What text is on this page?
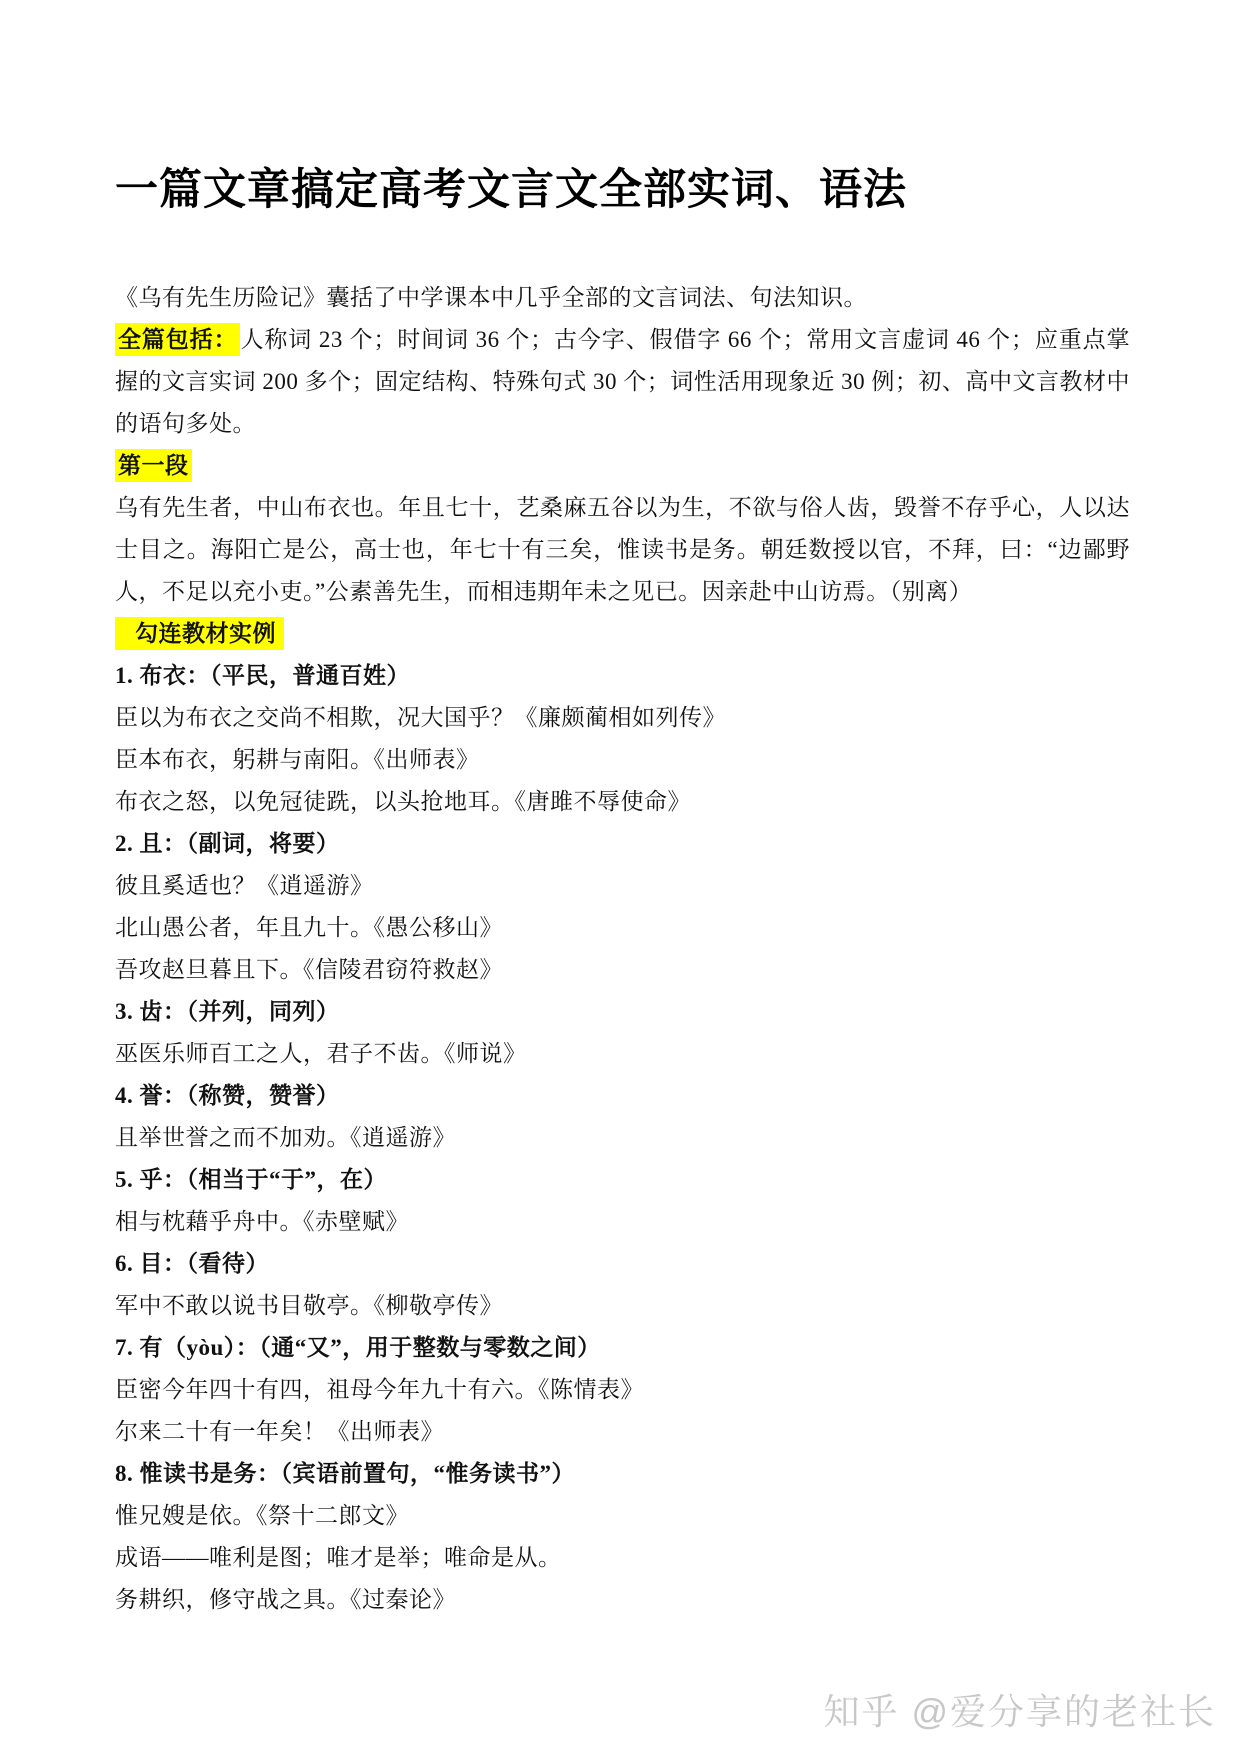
一篇文章搞定高考文言文全部实词、语法

《乌有先生历险记》囊括了中学课本中几乎全部的文言词法、句法知识。

全篇包括： 人称词 23 个；时间词 36 个；古今字、假借字 66 个；常用文言虚词 46 个；应重点掌握的文言实词 200 多个；固定结构、特殊句式 30 个；词性活用现象近 30 例；初、高中文言教材中的语句多处。

第一段

乌有先生者，中山布衣也。年且七十，艺桑麻五谷以为生，不欲与俗人齿，毁誉不存乎心，人以达士目之。海阳亡是公，高士也，年七十有三矣，惟读书是务。朝廷数授以官，不拜，曰：“边鄙野人，不足以充小吏。”公素善先生，而相违期年未之见已。因亲赴中山访焉。（别离）

勾连教材实例

1. 布衣：（平民，普通百姓）

臣以为布衣之交尚不相欺，况大国乎？《廉颇蔺相如列传》

臣本布衣，躬耕与南阳。《出师表》

布衣之怒，以免冠徒跣，以头抢地耳。《唐雎不辱使命》

2. 且：（副词，将要）

彼且奚适也？《逍遥游》

北山愚公者，年且九十。《愚公移山》

吾攻赵旦暮且下。《信陵君窃符救赵》

3. 齿：（并列，同列）

巫医乐师百工之人，君子不齿。《师说》

4. 誉：（称赞，赞誉）

且举世誉之而不加劝。《逍遥游》

5. 乎：（相当于“于”，在）

相与枕藉乎舟中。《赤壁赋》

6. 目：（看待）

军中不敢以说书目敬亭。《柳敬亭传》

7. 有（yòu）：（通“又”，用于整数与零数之间）

臣密今年四十有四，祖母今年九十有六。《陈情表》

尔来二十有一年矣！《出师表》

8. 惟读书是务：（宾语前置句，“惟务读书”）

惟兄嫂是依。《祭十二郎文》

成语——唯利是图；唯才是举；唯命是从。

务耕织，修守战之具。《过秦论》

知乎 @爱分享的老社长
